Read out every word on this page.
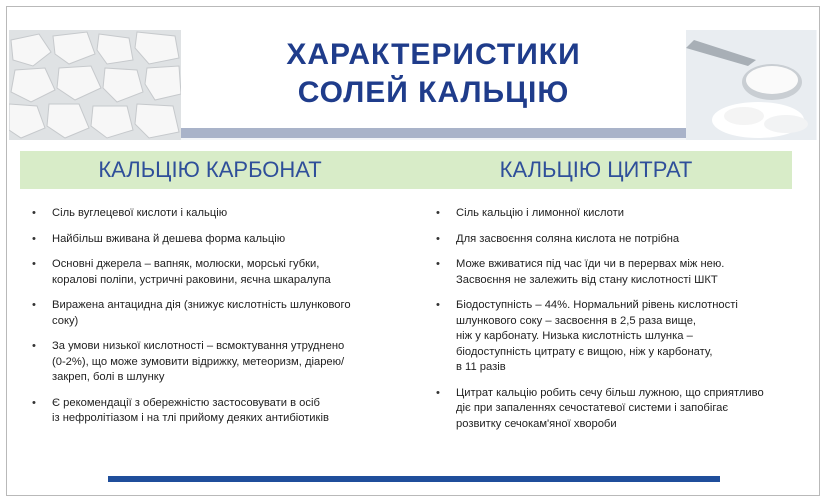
ХАРАКТЕРИСТИКИ
СОЛЕЙ КАЛЬЦІЮ
КАЛЬЦІЮ КАРБОНАТ	КАЛЬЦІЮ ЦИТРАТ
• Сіль вуглецевої кислоти і кальцію
• Найбільш вживана й дешева форма кальцію
• Основні джерела – вапняк, молюски, морські губки,
коралові поліпи, устричні раковини, яєчна шкаралупа
• Виражена антацидна дія (знижує кислотність шлункового
соку)
• За умови низької кислотності – всмоктування утруднено
(0-2%), що може зумовити відрижку, метеоризм, діарею/
закреп, болі в шлунку
• Є рекомендації з обережністю застосовувати в осіб
із нефролітіазом і на тлі прийому деяких антибіотиків
• Сіль кальцію і лимонної кислоти
• Для засвоєння соляна кислота не потрібна
• Може вживатися під час їди чи в перервах між нею.
Засвоєння не залежить від стану кислотності ШКТ
• Біодоступність – 44%. Нормальний рівень кислотності
шлункового соку – засвоєння в 2,5 раза вище,
ніж у карбонату. Низька кислотність шлунка –
біодоступність цитрату є вищою, ніж у карбонату,
в 11 разів
• Цитрат кальцію робить сечу більш лужною, що сприятливо
діє при запаленнях сечостатевої системи і запобігає
розвитку сечокам'яної хвороби
